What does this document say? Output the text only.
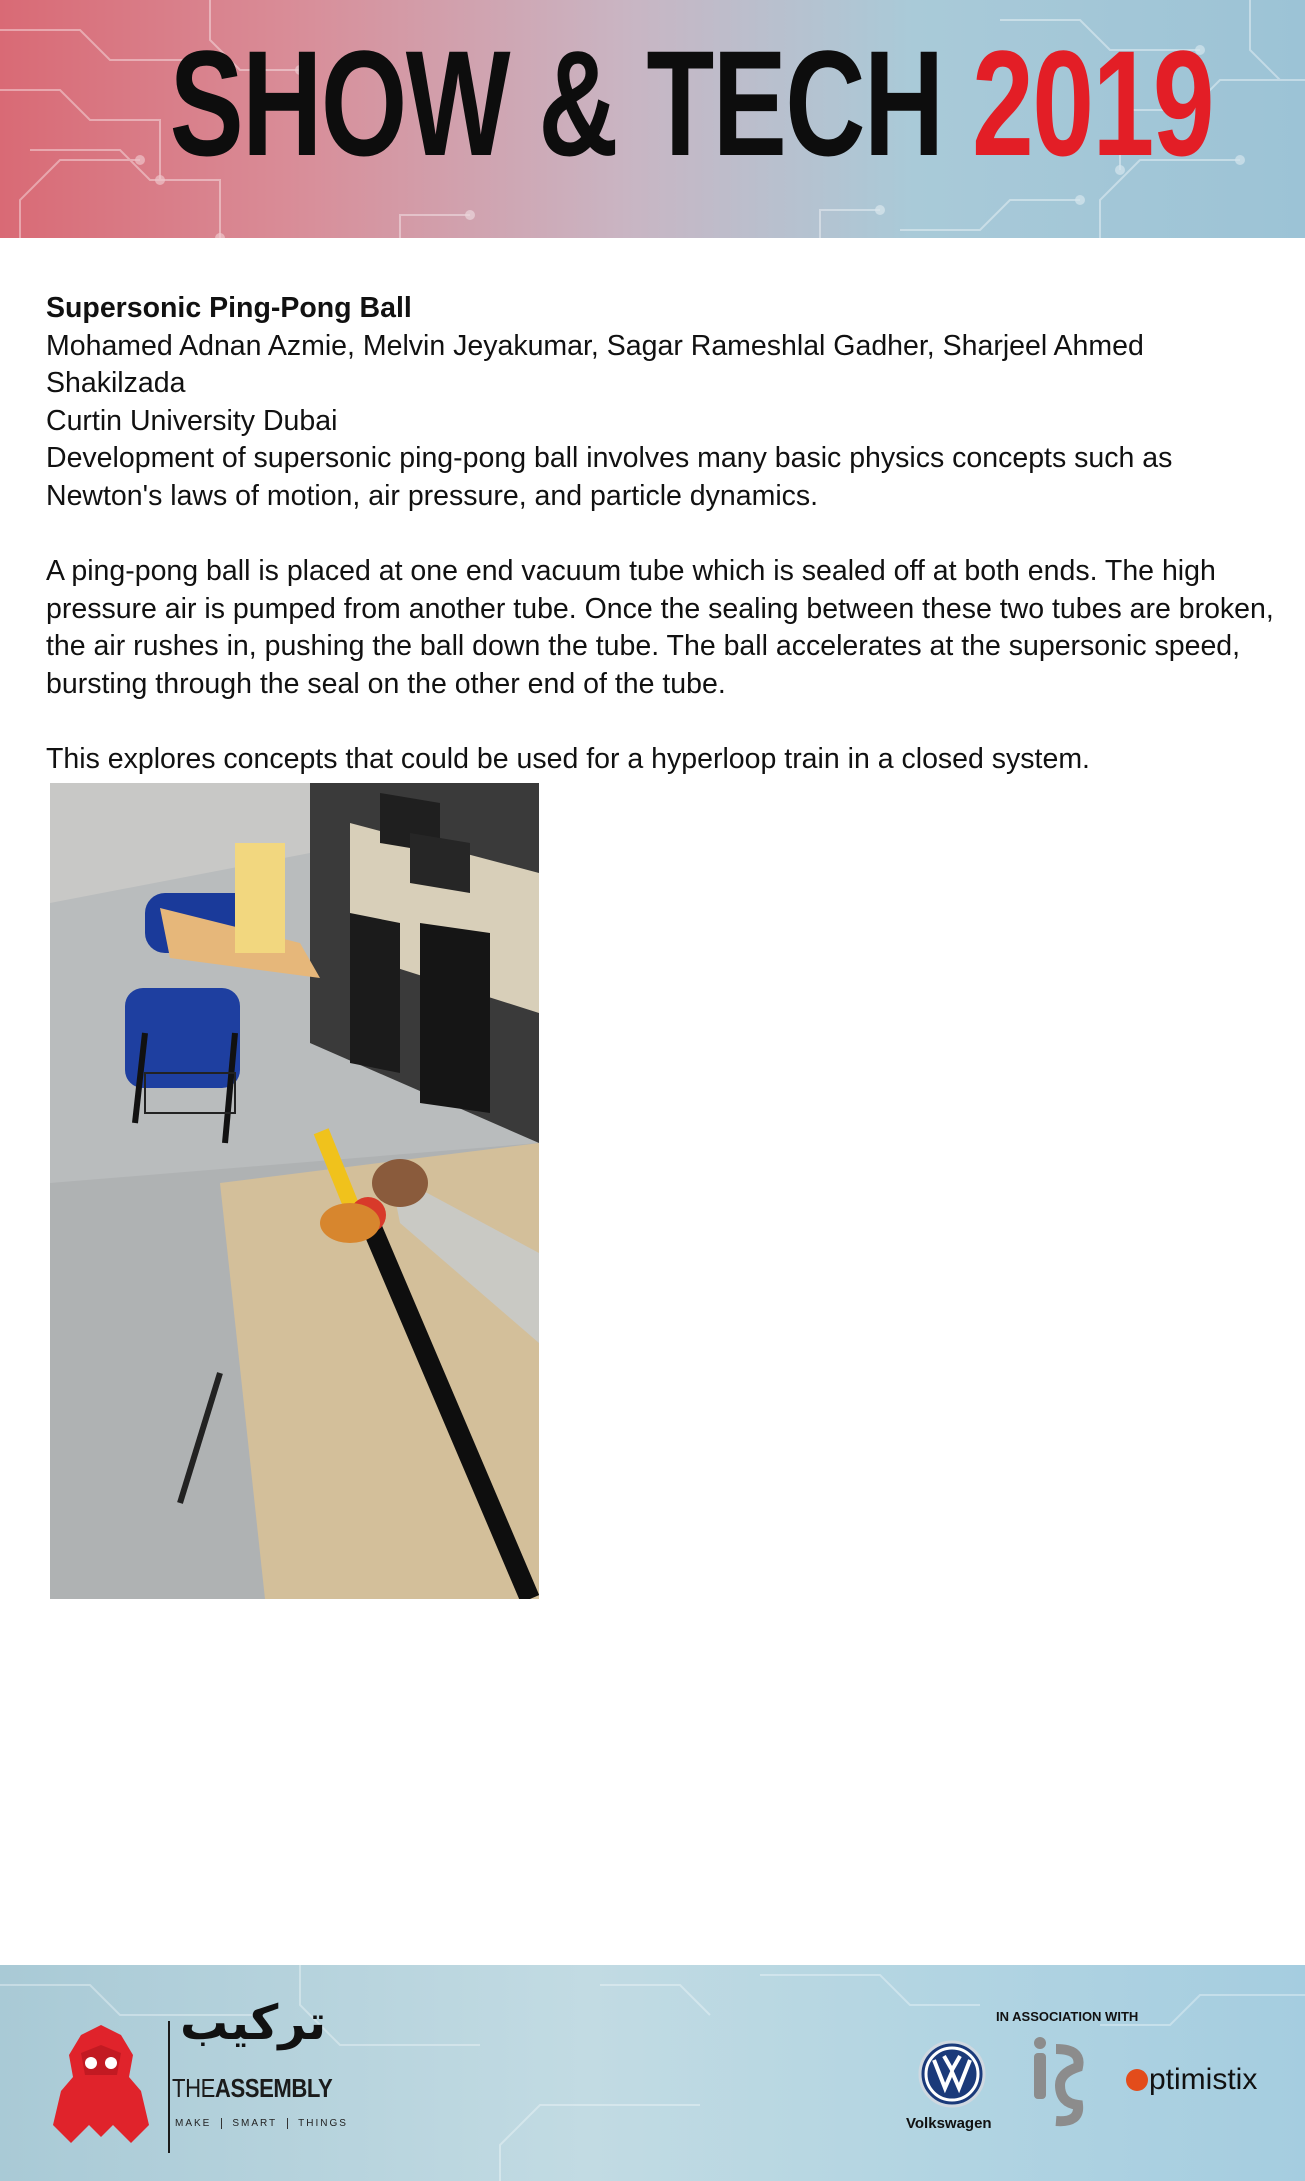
SHOW & TECH 2019
Supersonic Ping-Pong Ball
Mohamed Adnan Azmie, Melvin Jeyakumar, Sagar Rameshlal Gadher, Sharjeel Ahmed Shakilzada
Curtin University Dubai

Development of supersonic ping-pong ball involves many basic physics concepts such as Newton's laws of motion, air pressure, and particle dynamics.

A ping-pong ball is placed at one end vacuum tube which is sealed off at both ends. The high pressure air is pumped from another tube. Once the sealing between these two tubes are broken, the air rushes in, pushing the ball down the tube. The ball accelerates at the supersonic speed, bursting through the seal on the other end of the tube.

This explores concepts that could be used for a hyperloop train in a closed system.

تركيب
THEASSEMBLY
MAKE SMART THINGS
IN ASSOCIATION WITH
Volkswagen
ptimistix
